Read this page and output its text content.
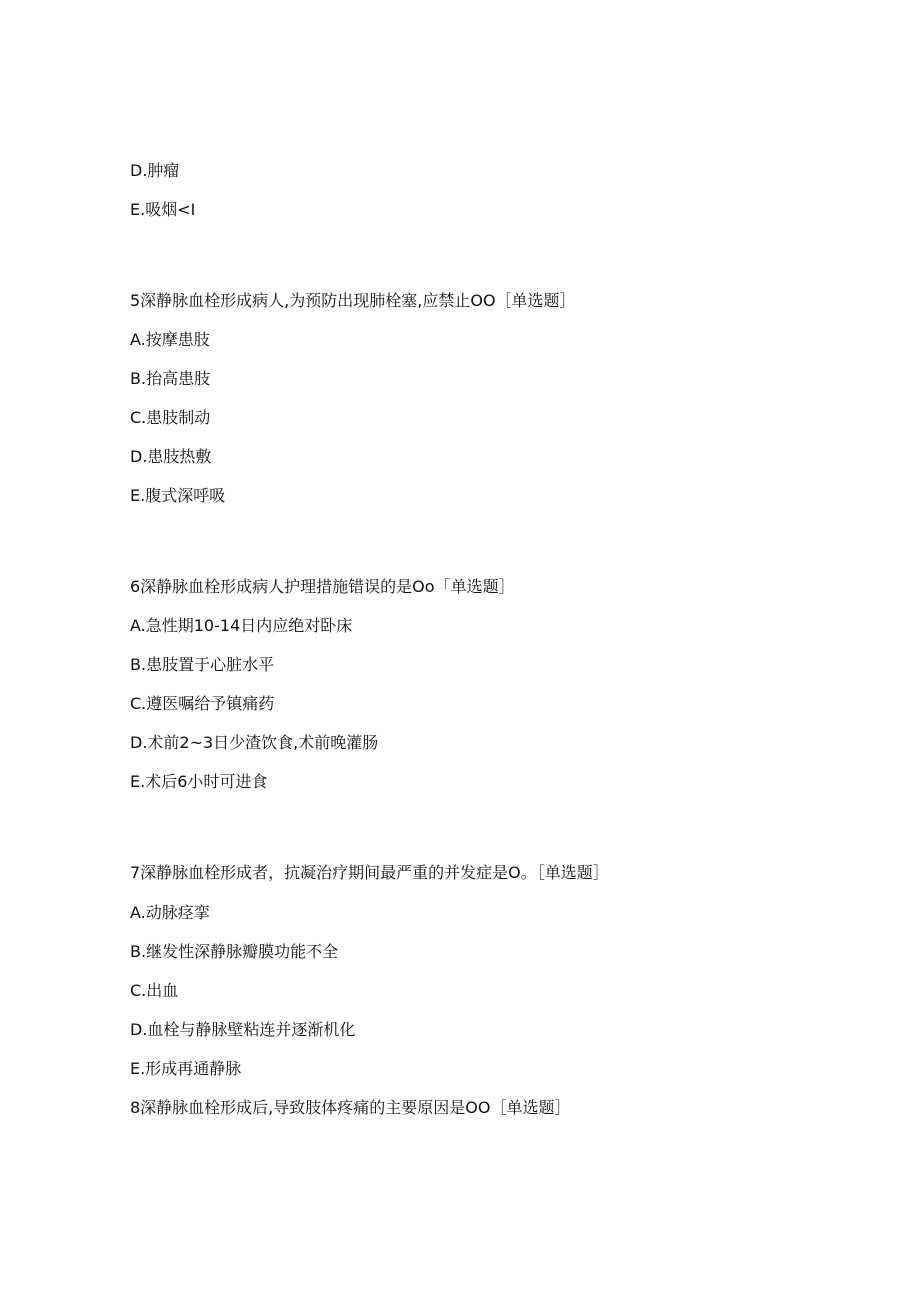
D.肿瘤
E.吸烟<I
5深静脉血栓形成病人,为预防出现肺栓塞,应禁止OO［单选题］
A.按摩患肢
B.抬高患肢
C.患肢制动
D.患肢热敷
E.腹式深呼吸
6深静脉血栓形成病人护理措施错误的是Oo「单选题］
A.急性期10-14日内应绝对卧床
B.患肢置于心脏水平
C.遵医嘱给予镇痛药
D.术前2~3日少渣饮食,术前晚灌肠
E.术后6小时可进食
7深静脉血栓形成者，抗凝治疗期间最严重的并发症是O。［单选题］
A.动脉痉挛
B.继发性深静脉瓣膜功能不全
C.出血
D.血栓与静脉壁粘连并逐渐机化
E.形成再通静脉
8深静脉血栓形成后,导致肢体疼痛的主要原因是OO［单选题］
